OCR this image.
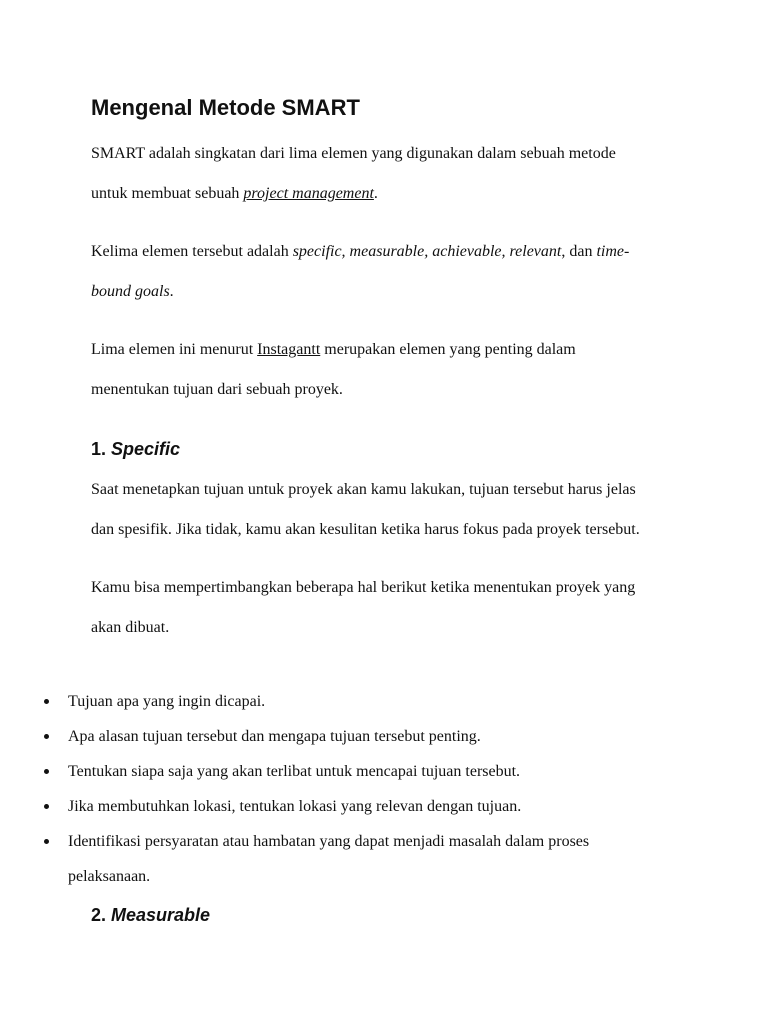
Mengenal Metode SMART

SMART adalah singkatan dari lima elemen yang digunakan dalam sebuah metode
untuk membuat sebuah project management.

Kelima elemen tersebut adalah specific, measurable, achievable, relevant, dan time-
bound goals.

Lima elemen ini menurut Instagantt merupakan elemen yang penting dalam
menentukan tujuan dari sebuah proyek.

1. Specific

Saat menetapkan tujuan untuk proyek akan kamu lakukan, tujuan tersebut harus jelas
dan spesifik. Jika tidak, kamu akan kesulitan ketika harus fokus pada proyek tersebut.

Kamu bisa mempertimbangkan beberapa hal berikut ketika menentukan proyek yang
akan dibuat.

Tujuan apa yang ingin dicapai.
Apa alasan tujuan tersebut dan mengapa tujuan tersebut penting.
Tentukan siapa saja yang akan terlibat untuk mencapai tujuan tersebut.
Jika membutuhkan lokasi, tentukan lokasi yang relevan dengan tujuan.
Identifikasi persyaratan atau hambatan yang dapat menjadi masalah dalam proses
pelaksanaan.
2. Measurable
